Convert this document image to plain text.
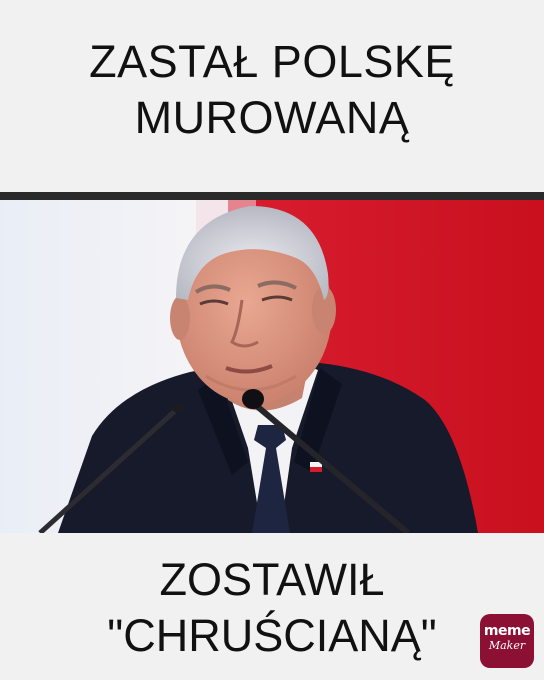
ZASTAŁ POLSKĘ
MUROWANĄ
ZOSTAWIŁ
"CHRUŚCIANĄ"	meme
Maker
